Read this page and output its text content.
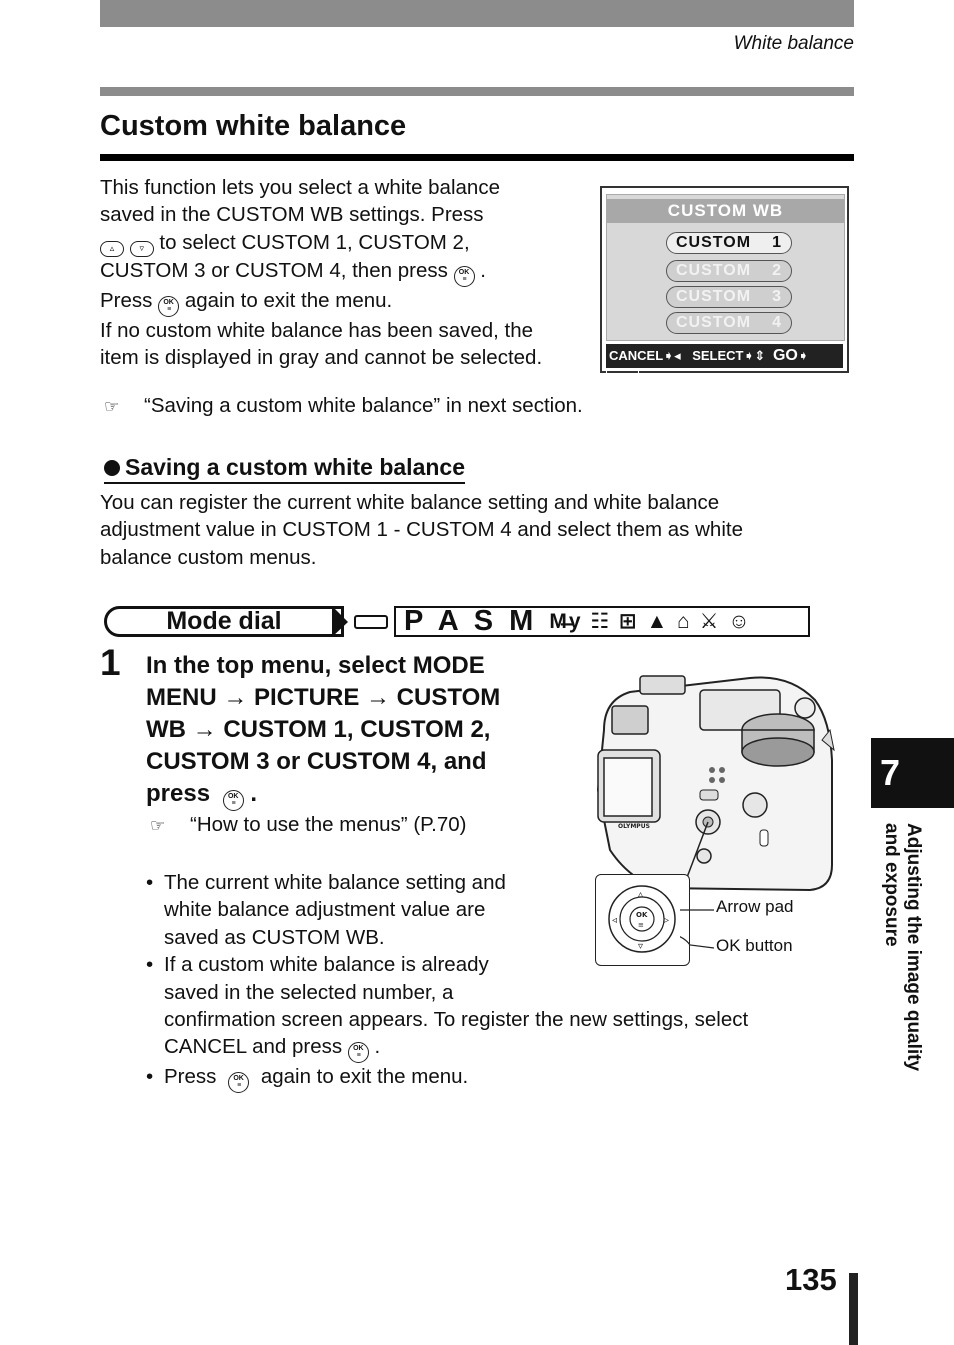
White balance
Custom white balance
This function lets you select a white balance
saved in the CUSTOM WB settings. Press
▵	▿ to select CUSTOM 1, CUSTOM 2,
CUSTOM 3 or CUSTOM 4, then press OK
≡ .
Press OK
≡ again to exit the menu.
If no custom white balance has been saved, the
item is displayed in gray and cannot be selected.
☞ “Saving a custom white balance” in next section.
CUSTOM WB
CUSTOM 1
CUSTOM 2
CUSTOM 3
CUSTOM 4
CANCEL➧◂ SELECT➧⇕ GO➧ OK
Saving a custom white balance
You can register the current white balance setting and white balance
adjustment value in CUSTOM 1 - CUSTOM 4 and select them as white
balance custom menus.
Mode dial	P A S M M̶y ☷ ⊞ ▲ ⌂ ⚔ ☺
1 In the top menu, select MODE
MENU → PICTURE → CUSTOM
WB → CUSTOM 1, CUSTOM 2,
CUSTOM 3 or CUSTOM 4, and
press	OK
≡ .
☞ “How to use the menus” (P.70)
• The current white balance setting and
white balance adjustment value are
saved as CUSTOM WB.
• If a custom white balance is already
saved in the selected number, a
confirmation screen appears. To register the new settings, select
CANCEL and press OK
≡ .
• Press OK
≡	again to exit the menu.
OLYMPUS
OK
≡
▵
▿
◃	▹
Arrow pad
OK button
7
Adjusting the image quality
and exposure
135
